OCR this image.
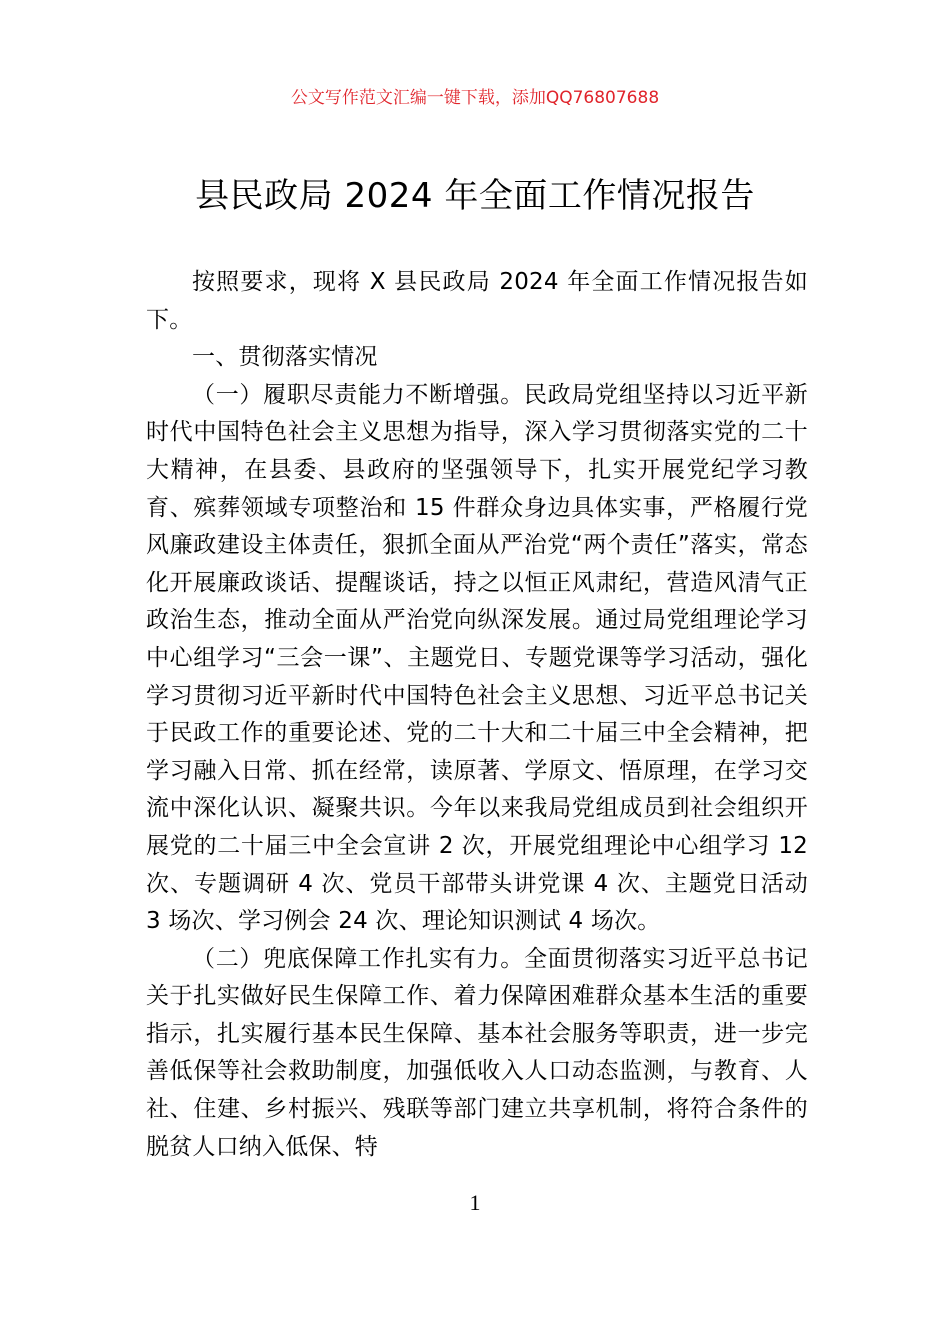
公文写作范文汇编一键下载，添加QQ76807688
县民政局 2024 年全面工作情况报告

按照要求，现将 X 县民政局 2024 年全面工作情况报告如下。

一、贯彻落实情况

（一）履职尽责能力不断增强。民政局党组坚持以习近平新时代中国特色社会主义思想为指导，深入学习贯彻落实党的二十大精神，在县委、县政府的坚强领导下，扎实开展党纪学习教育、殡葬领域专项整治和 15 件群众身边具体实事，严格履行党风廉政建设主体责任，狠抓全面从严治党“两个责任”落实，常态化开展廉政谈话、提醒谈话，持之以恒正风肃纪，营造风清气正政治生态，推动全面从严治党向纵深发展。通过局党组理论学习中心组学习“三会一课”、主题党日、专题党课等学习活动，强化学习贯彻习近平新时代中国特色社会主义思想、习近平总书记关于民政工作的重要论述、党的二十大和二十届三中全会精神，把学习融入日常、抓在经常，读原著、学原文、悟原理，在学习交流中深化认识、凝聚共识。今年以来我局党组成员到社会组织开展党的二十届三中全会宣讲 2 次，开展党组理论中心组学习 12 次、专题调研 4 次、党员干部带头讲党课 4 次、主题党日活动 3 场次、学习例会 24 次、理论知识测试 4 场次。

（二）兜底保障工作扎实有力。全面贯彻落实习近平总书记关于扎实做好民生保障工作、着力保障困难群众基本生活的重要指示，扎实履行基本民生保障、基本社会服务等职责，进一步完善低保等社会救助制度，加强低收入人口动态监测，与教育、人社、住建、乡村振兴、残联等部门建立共享机制，将符合条件的脱贫人口纳入低保、特

1
